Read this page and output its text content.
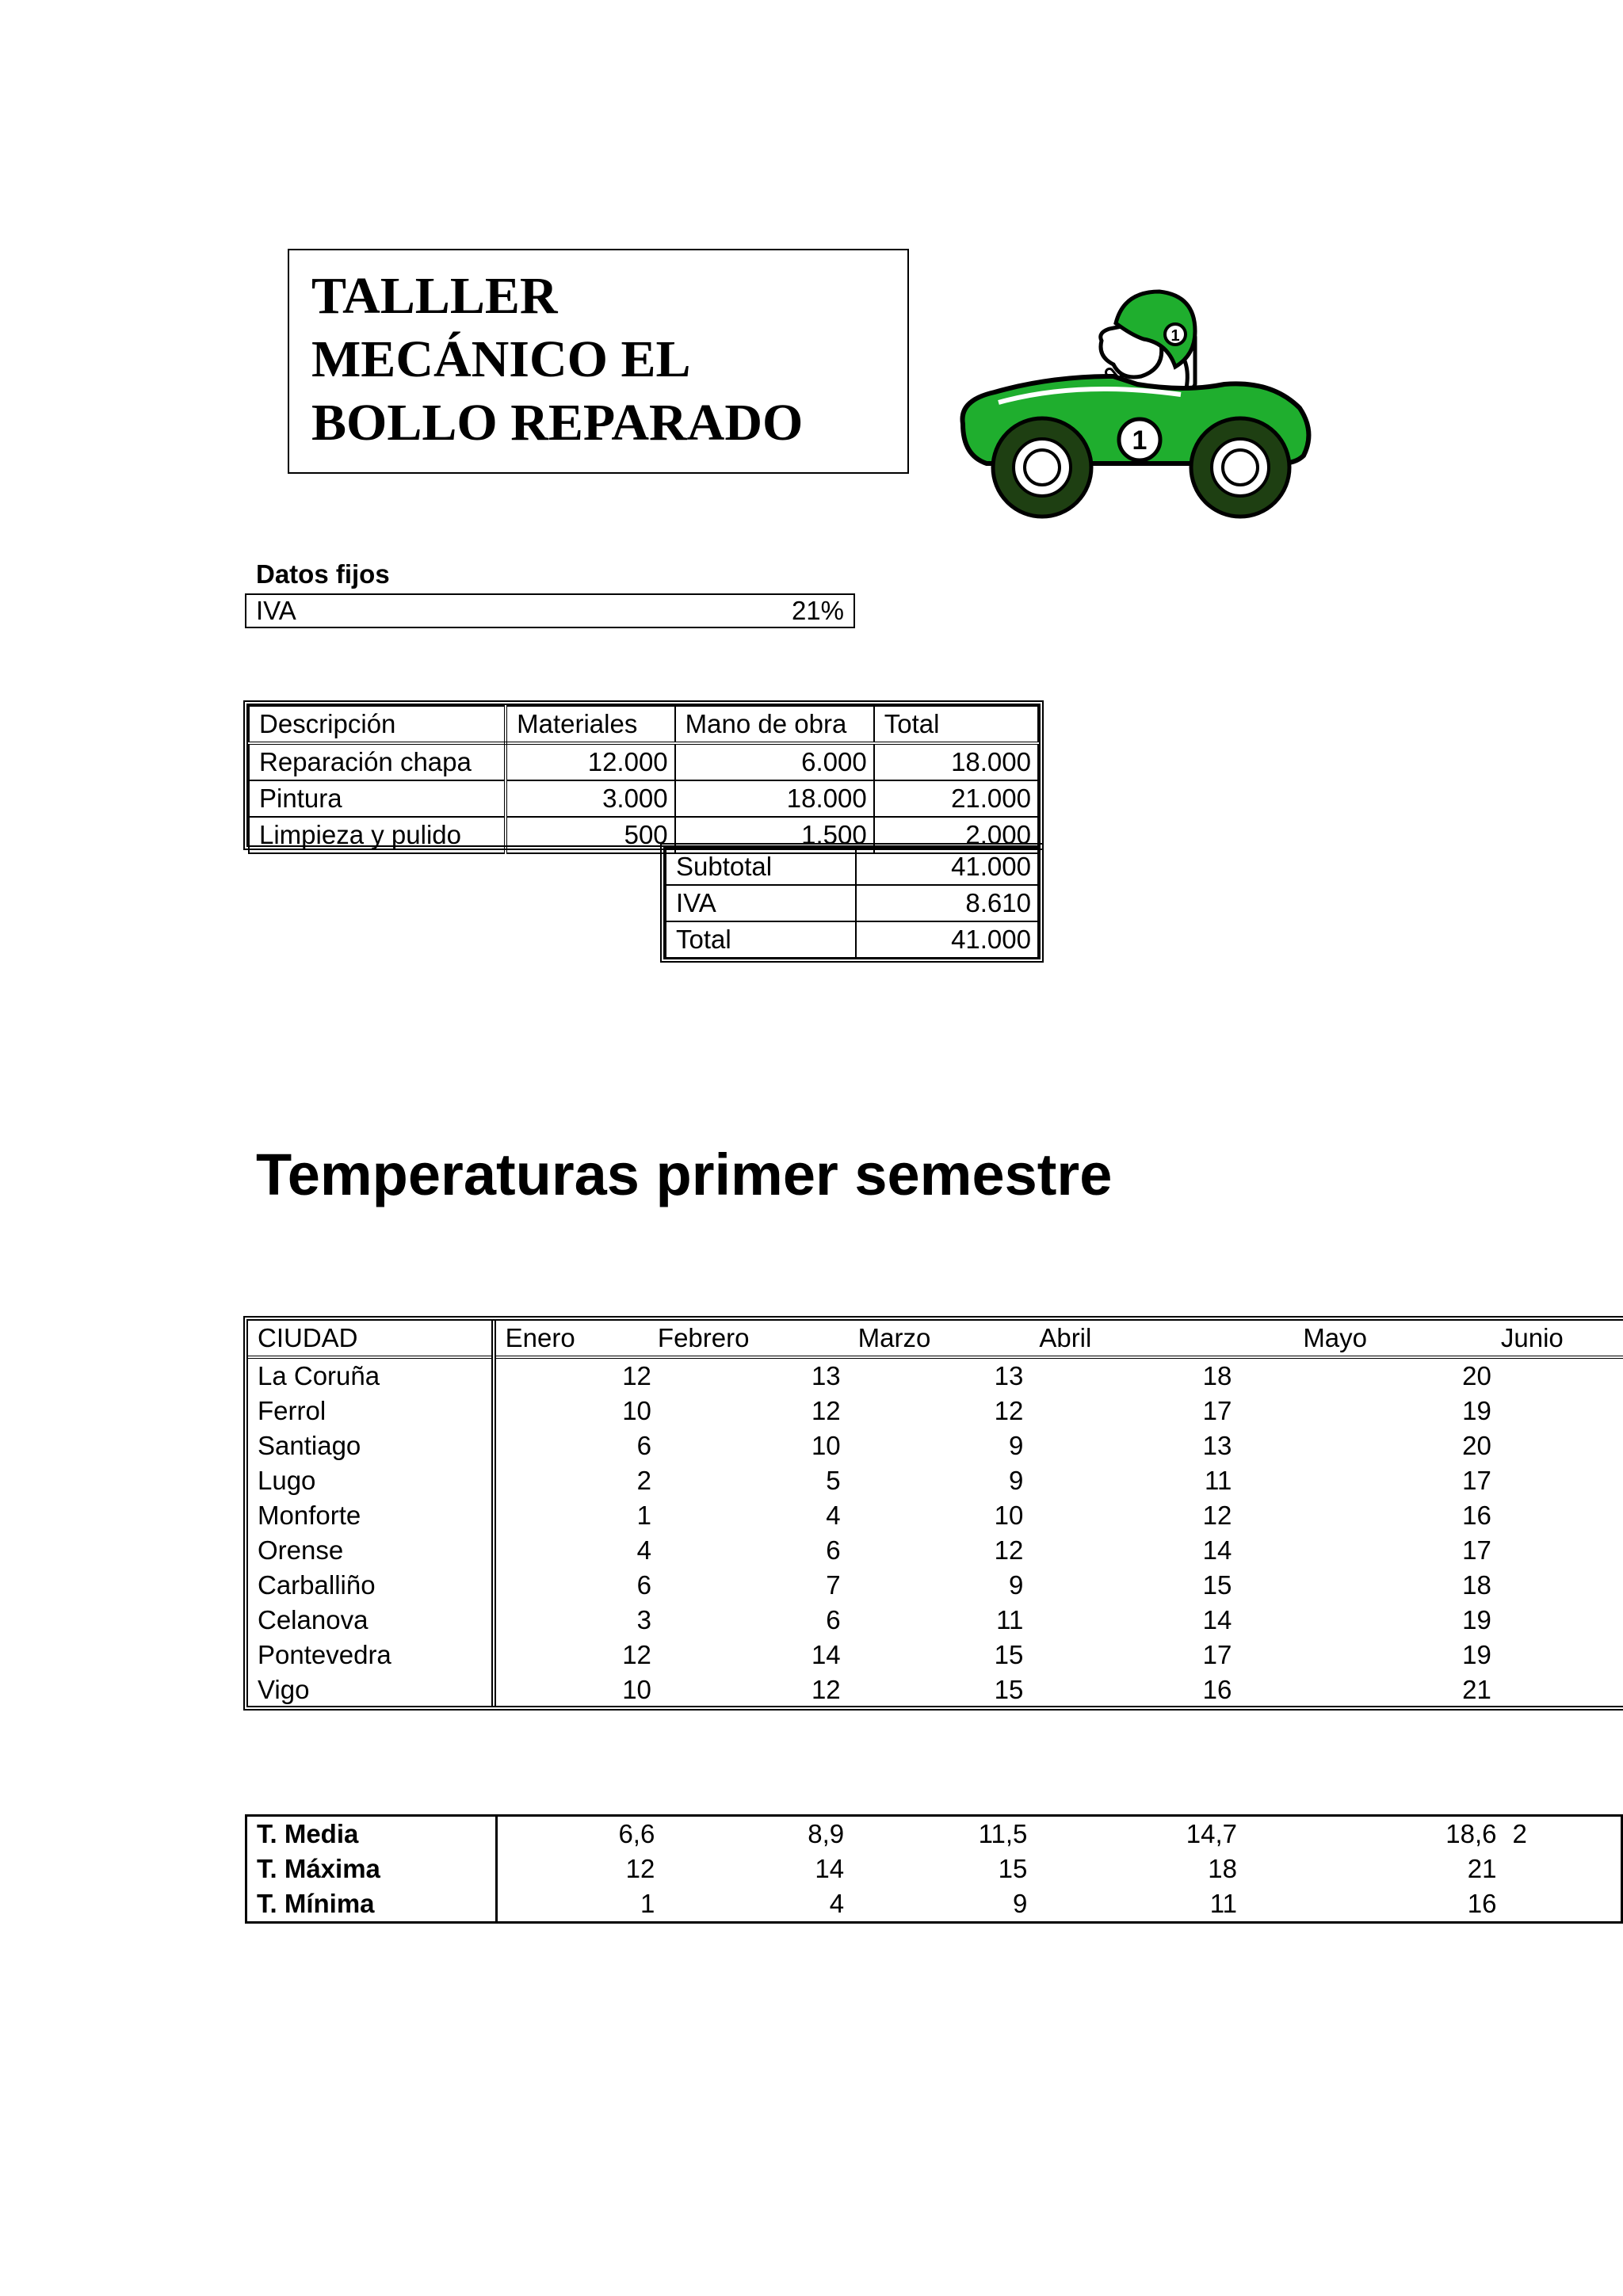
TALLLER
MECÁNICO EL
BOLLO REPARADO
1
1
Datos fijos
IVA	21%
Descripción	Materiales	Mano de obra	Total
Reparación chapa	12.000	6.000	18.000
Pintura	3.000	18.000	21.000
Limpieza y pulido	500	1.500	2.000
Subtotal	41.000
IVA	8.610
Total	41.000
Temperaturas primer semestre
CIUDAD	Enero	Febrero	Marzo	Abril	Mayo	Junio
La Coruña	12	13	13	18	20	
Ferrol	10	12	12	17	19	
Santiago	6	10	9	13	20	
Lugo	2	5	9	11	17	
Monforte	1	4	10	12	16	
Orense	4	6	12	14	17	
Carballiño	6	7	9	15	18	
Celanova	3	6	11	14	19	
Pontevedra	12	14	15	17	19	
Vigo	10	12	15	16	21	
T. Media	6,6	8,9	11,5	14,7	18,6	2
T. Máxima	12	14	15	18	21	
T. Mínima	1	4	9	11	16	
